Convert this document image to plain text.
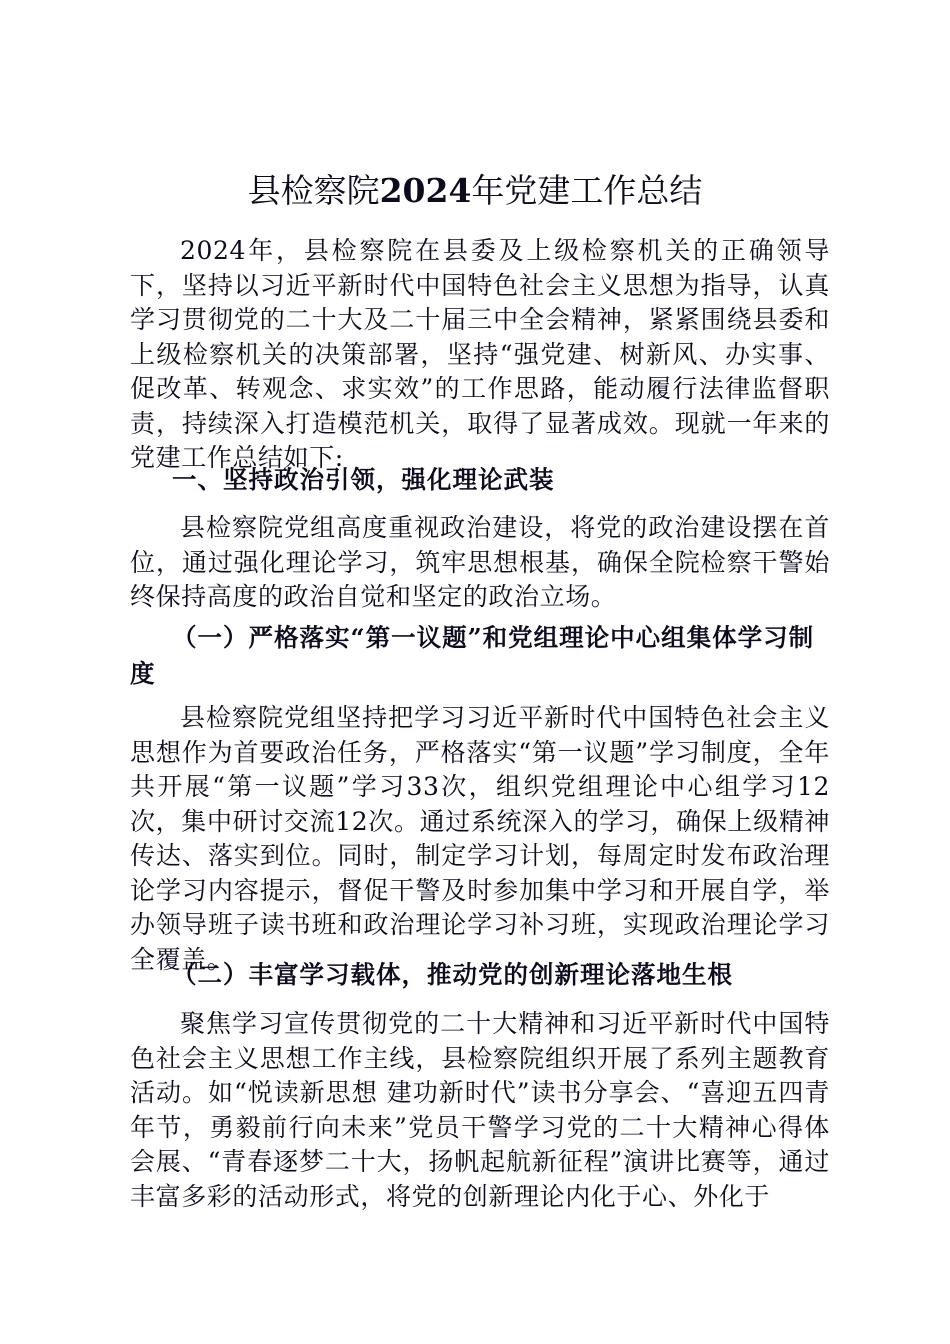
县检察院2024年党建工作总结
2024年，县检察院在县委及上级检察机关的正确领导下，坚持以习近平新时代中国特色社会主义思想为指导，认真学习贯彻党的二十大及二十届三中全会精神，紧紧围绕县委和上级检察机关的决策部署，坚持“强党建、树新风、办实事、促改革、转观念、求实效”的工作思路，能动履行法律监督职责，持续深入打造模范机关，取得了显著成效。现就一年来的党建工作总结如下:
一、坚持政治引领，强化理论武装
县检察院党组高度重视政治建设，将党的政治建设摆在首位，通过强化理论学习，筑牢思想根基，确保全院检察干警始终保持高度的政治自觉和坚定的政治立场。
（一）严格落实“第一议题”和党组理论中心组集体学习制度
县检察院党组坚持把学习习近平新时代中国特色社会主义思想作为首要政治任务，严格落实“第一议题”学习制度，全年共开展“第一议题”学习33次，组织党组理论中心组学习12次，集中研讨交流12次。通过系统深入的学习，确保上级精神传达、落实到位。同时，制定学习计划，每周定时发布政治理论学习内容提示，督促干警及时参加集中学习和开展自学，举办领导班子读书班和政治理论学习补习班，实现政治理论学习全覆盖。
（二）丰富学习载体，推动党的创新理论落地生根
聚焦学习宣传贯彻党的二十大精神和习近平新时代中国特色社会主义思想工作主线，县检察院组织开展了系列主题教育活动。如“悦读新思想 建功新时代”读书分享会、“喜迎五四青年节，勇毅前行向未来”党员干警学习党的二十大精神心得体会展、“青春逐梦二十大，扬帆起航新征程”演讲比赛等，通过丰富多彩的活动形式，将党的创新理论内化于心、外化于
